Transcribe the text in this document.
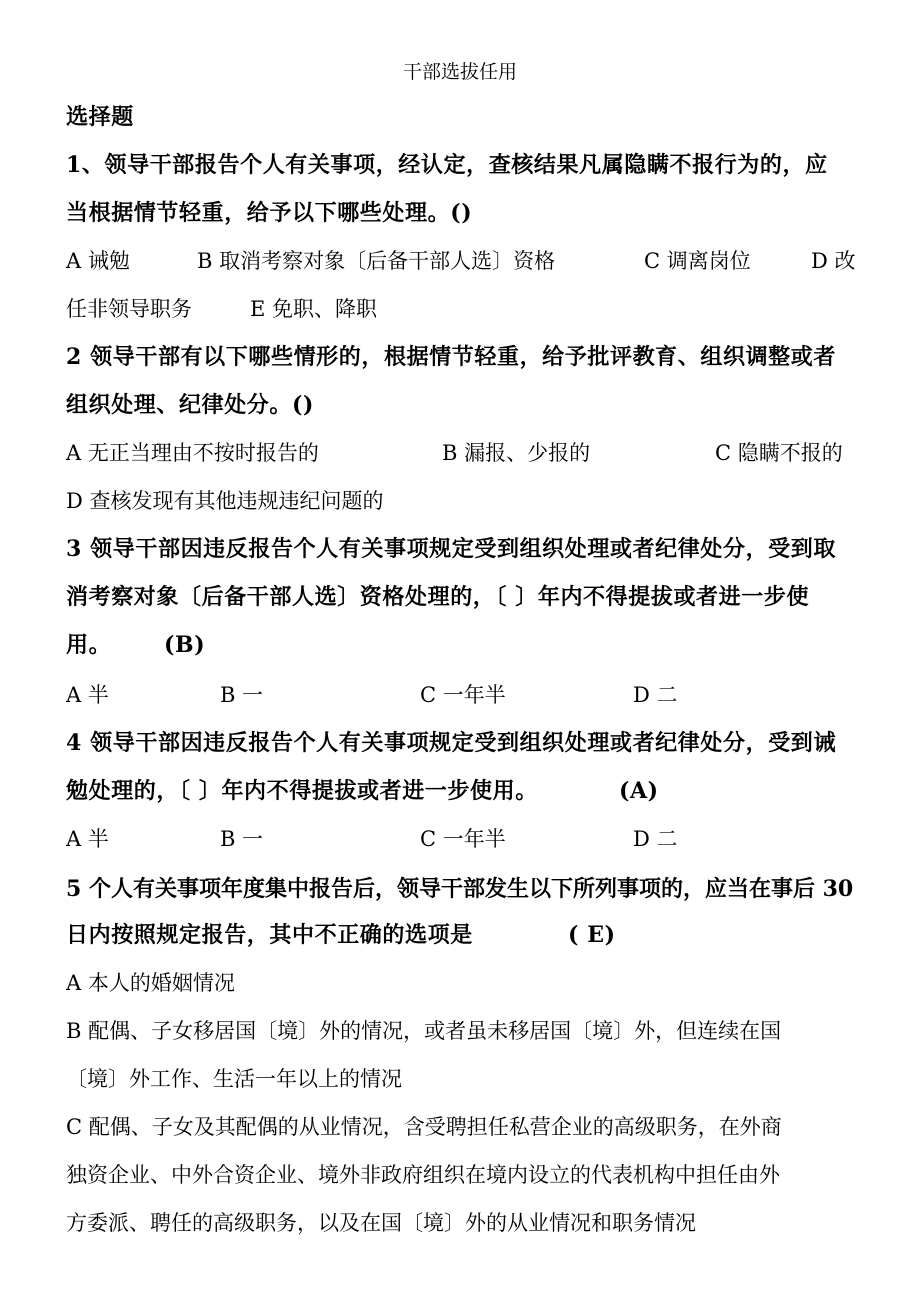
干部选拔任用
选择题
1、领导干部报告个人有关事项，经认定，查核结果凡属隐瞒不报行为的，应
当根据情节轻重，给予以下哪些处理。()
A 诫勉	B 取消考察对象〔后备干部人选〕资格	C 调离岗位	D 改
任非领导职务	E 免职、降职
2 领导干部有以下哪些情形的，根据情节轻重，给予批评教育、组织调整或者
组织处理、纪律处分。()
A 无正当理由不按时报告的	B 漏报、少报的	C 隐瞒不报的
D 查核发现有其他违规违纪问题的
3 领导干部因违反报告个人有关事项规定受到组织处理或者纪律处分，受到取
消考察对象〔后备干部人选〕资格处理的，〔 〕年内不得提拔或者进一步使
用。 (B)
A 半	B 一	C 一年半	D 二
4 领导干部因违反报告个人有关事项规定受到组织处理或者纪律处分，受到诫
勉处理的，〔 〕年内不得提拔或者进一步使用。	(A)
A 半	B 一	C 一年半	D 二
5 个人有关事项年度集中报告后，领导干部发生以下所列事项的，应当在事后 30
日内按照规定报告，其中不正确的选项是	( E)
A 本人的婚姻情况
B 配偶、子女移居国〔境〕外的情况，或者虽未移居国〔境〕外，但连续在国
〔境〕外工作、生活一年以上的情况
C 配偶、子女及其配偶的从业情况，含受聘担任私营企业的高级职务，在外商
独资企业、中外合资企业、境外非政府组织在境内设立的代表机构中担任由外
方委派、聘任的高级职务，以及在国〔境〕外的从业情况和职务情况
